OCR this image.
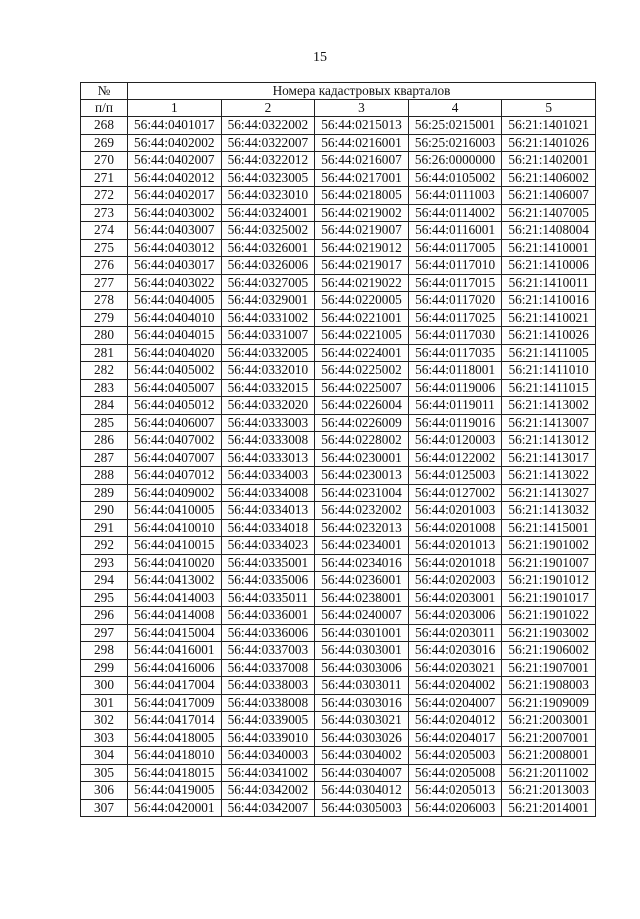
15
№	Номера кадастровых кварталов				
п/п	1	2	3	4	5
268	56:44:0401017	56:44:0322002	56:44:0215013	56:25:0215001	56:21:1401021
269	56:44:0402002	56:44:0322007	56:44:0216001	56:25:0216003	56:21:1401026
270	56:44:0402007	56:44:0322012	56:44:0216007	56:26:0000000	56:21:1402001
271	56:44:0402012	56:44:0323005	56:44:0217001	56:44:0105002	56:21:1406002
272	56:44:0402017	56:44:0323010	56:44:0218005	56:44:0111003	56:21:1406007
273	56:44:0403002	56:44:0324001	56:44:0219002	56:44:0114002	56:21:1407005
274	56:44:0403007	56:44:0325002	56:44:0219007	56:44:0116001	56:21:1408004
275	56:44:0403012	56:44:0326001	56:44:0219012	56:44:0117005	56:21:1410001
276	56:44:0403017	56:44:0326006	56:44:0219017	56:44:0117010	56:21:1410006
277	56:44:0403022	56:44:0327005	56:44:0219022	56:44:0117015	56:21:1410011
278	56:44:0404005	56:44:0329001	56:44:0220005	56:44:0117020	56:21:1410016
279	56:44:0404010	56:44:0331002	56:44:0221001	56:44:0117025	56:21:1410021
280	56:44:0404015	56:44:0331007	56:44:0221005	56:44:0117030	56:21:1410026
281	56:44:0404020	56:44:0332005	56:44:0224001	56:44:0117035	56:21:1411005
282	56:44:0405002	56:44:0332010	56:44:0225002	56:44:0118001	56:21:1411010
283	56:44:0405007	56:44:0332015	56:44:0225007	56:44:0119006	56:21:1411015
284	56:44:0405012	56:44:0332020	56:44:0226004	56:44:0119011	56:21:1413002
285	56:44:0406007	56:44:0333003	56:44:0226009	56:44:0119016	56:21:1413007
286	56:44:0407002	56:44:0333008	56:44:0228002	56:44:0120003	56:21:1413012
287	56:44:0407007	56:44:0333013	56:44:0230001	56:44:0122002	56:21:1413017
288	56:44:0407012	56:44:0334003	56:44:0230013	56:44:0125003	56:21:1413022
289	56:44:0409002	56:44:0334008	56:44:0231004	56:44:0127002	56:21:1413027
290	56:44:0410005	56:44:0334013	56:44:0232002	56:44:0201003	56:21:1413032
291	56:44:0410010	56:44:0334018	56:44:0232013	56:44:0201008	56:21:1415001
292	56:44:0410015	56:44:0334023	56:44:0234001	56:44:0201013	56:21:1901002
293	56:44:0410020	56:44:0335001	56:44:0234016	56:44:0201018	56:21:1901007
294	56:44:0413002	56:44:0335006	56:44:0236001	56:44:0202003	56:21:1901012
295	56:44:0414003	56:44:0335011	56:44:0238001	56:44:0203001	56:21:1901017
296	56:44:0414008	56:44:0336001	56:44:0240007	56:44:0203006	56:21:1901022
297	56:44:0415004	56:44:0336006	56:44:0301001	56:44:0203011	56:21:1903002
298	56:44:0416001	56:44:0337003	56:44:0303001	56:44:0203016	56:21:1906002
299	56:44:0416006	56:44:0337008	56:44:0303006	56:44:0203021	56:21:1907001
300	56:44:0417004	56:44:0338003	56:44:0303011	56:44:0204002	56:21:1908003
301	56:44:0417009	56:44:0338008	56:44:0303016	56:44:0204007	56:21:1909009
302	56:44:0417014	56:44:0339005	56:44:0303021	56:44:0204012	56:21:2003001
303	56:44:0418005	56:44:0339010	56:44:0303026	56:44:0204017	56:21:2007001
304	56:44:0418010	56:44:0340003	56:44:0304002	56:44:0205003	56:21:2008001
305	56:44:0418015	56:44:0341002	56:44:0304007	56:44:0205008	56:21:2011002
306	56:44:0419005	56:44:0342002	56:44:0304012	56:44:0205013	56:21:2013003
307	56:44:0420001	56:44:0342007	56:44:0305003	56:44:0206003	56:21:2014001
